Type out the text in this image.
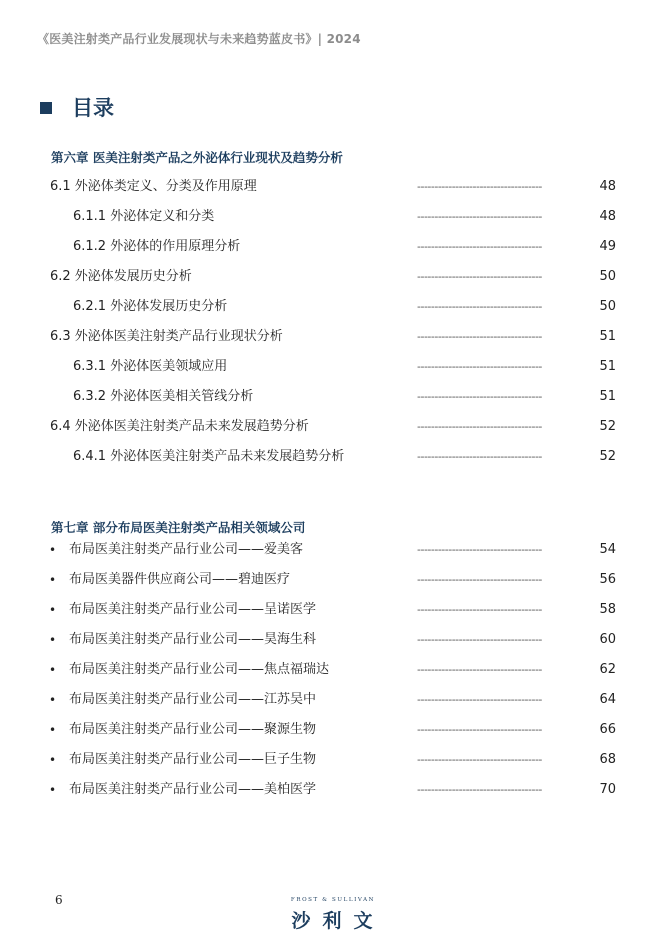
《医美注射类产品行业发展现状与未来趋势蓝皮书》| 2024
目录
第六章 医美注射类产品之外泌体行业现状及趋势分析
6.1 外泌体类定义、分类及作用原理	------------------------------------	48
6.1.1 外泌体定义和分类	------------------------------------	48
6.1.2 外泌体的作用原理分析	------------------------------------	49
6.2 外泌体发展历史分析	------------------------------------	50
6.2.1 外泌体发展历史分析	------------------------------------	50
6.3 外泌体医美注射类产品行业现状分析	------------------------------------	51
6.3.1 外泌体医美领域应用	------------------------------------	51
6.3.2 外泌体医美相关管线分析	------------------------------------	51
6.4 外泌体医美注射类产品未来发展趋势分析	------------------------------------	52
6.4.1 外泌体医美注射类产品未来发展趋势分析	------------------------------------	52
第七章 部分布局医美注射类产品相关领域公司
• 布局医美注射类产品行业公司——爱美客	------------------------------------	54
• 布局医美器件供应商公司——碧迪医疗	------------------------------------	56
• 布局医美注射类产品行业公司——呈诺医学	------------------------------------	58
• 布局医美注射类产品行业公司——昊海生科	------------------------------------	60
• 布局医美注射类产品行业公司——焦点福瑞达	------------------------------------	62
• 布局医美注射类产品行业公司——江苏吴中	------------------------------------	64
• 布局医美注射类产品行业公司——聚源生物	------------------------------------	66
• 布局医美注射类产品行业公司——巨子生物	------------------------------------	68
• 布局医美注射类产品行业公司——美柏医学	------------------------------------	70
6	FROST & SULLIVAN
沙利文
